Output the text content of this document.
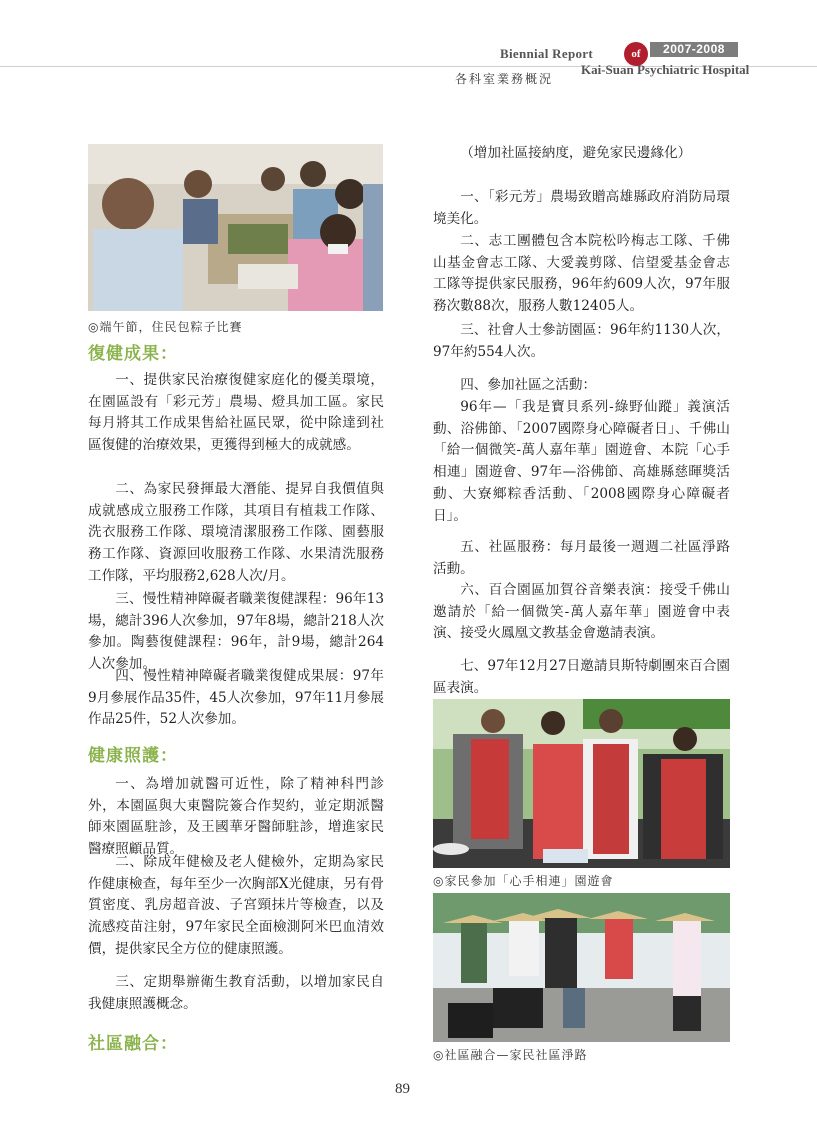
Biennial Report	of	2007-2008
Kai-Suan Psychiatric Hospital
各科室業務概況
◎端午節，住民包粽子比賽
復健成果：

一、提供家民治療復健家庭化的優美環境，在園區設有「彩元芳」農場、燈具加工區。家民每月將其工作成果售給社區民眾，從中除達到社區復健的治療效果，更獲得到極大的成就感。

二、為家民發揮最大潛能、提昇自我價值與成就感成立服務工作隊，其項目有植栽工作隊、洗衣服務工作隊、環境清潔服務工作隊、園藝服務工作隊、資源回收服務工作隊、水果清洗服務工作隊，平均服務2,628人次/月。

三、慢性精神障礙者職業復健課程：96年13場，總計396人次參加，97年8場，總計218人次參加。陶藝復健課程：96年，計9場，總計264人次參加。

四、慢性精神障礙者職業復健成果展：97年9月參展作品35件，45人次參加，97年11月參展作品25件，52人次參加。

健康照護：

一、為增加就醫可近性，除了精神科門診外，本園區與大東醫院簽合作契約，並定期派醫師來園區駐診，及王國華牙醫師駐診，增進家民醫療照顧品質。

二、除成年健檢及老人健檢外，定期為家民作健康檢查，每年至少一次胸部X光健康，另有骨質密度、乳房超音波、子宮頸抹片等檢查，以及流感疫苗注射，97年家民全面檢測阿米巴血清效價，提供家民全方位的健康照護。

三、定期舉辦衛生教育活動，以增加家民自我健康照護概念。

社區融合：

（增加社區接納度，避免家民邊緣化）

一、「彩元芳」農場致贈高雄縣政府消防局環境美化。

二、志工團體包含本院松吟梅志工隊、千佛山基金會志工隊、大愛義剪隊、信望愛基金會志工隊等提供家民服務，96年約609人次，97年服務次數88次，服務人數12405人。

三、社會人士參訪園區：96年約1130人次，97年約554人次。

四、參加社區之活動：

96年—「我是寶貝系列-綠野仙蹤」義演活動、浴佛節、「2007國際身心障礙者日」、千佛山「給一個微笑-萬人嘉年華」園遊會、本院「心手相連」園遊會、97年—浴佛節、高雄縣慈暉獎活動、大寮鄉粽香活動、「2008國際身心障礙者日」。

五、社區服務：每月最後一週週二社區淨路活動。

六、百合園區加賀谷音樂表演：接受千佛山邀請於「給一個微笑-萬人嘉年華」園遊會中表演、接受火鳳凰文教基金會邀請表演。

七、97年12月27日邀請貝斯特劇團來百合園區表演。

◎家民參加「心手相連」園遊會
◎社區融合—家民社區淨路
89
